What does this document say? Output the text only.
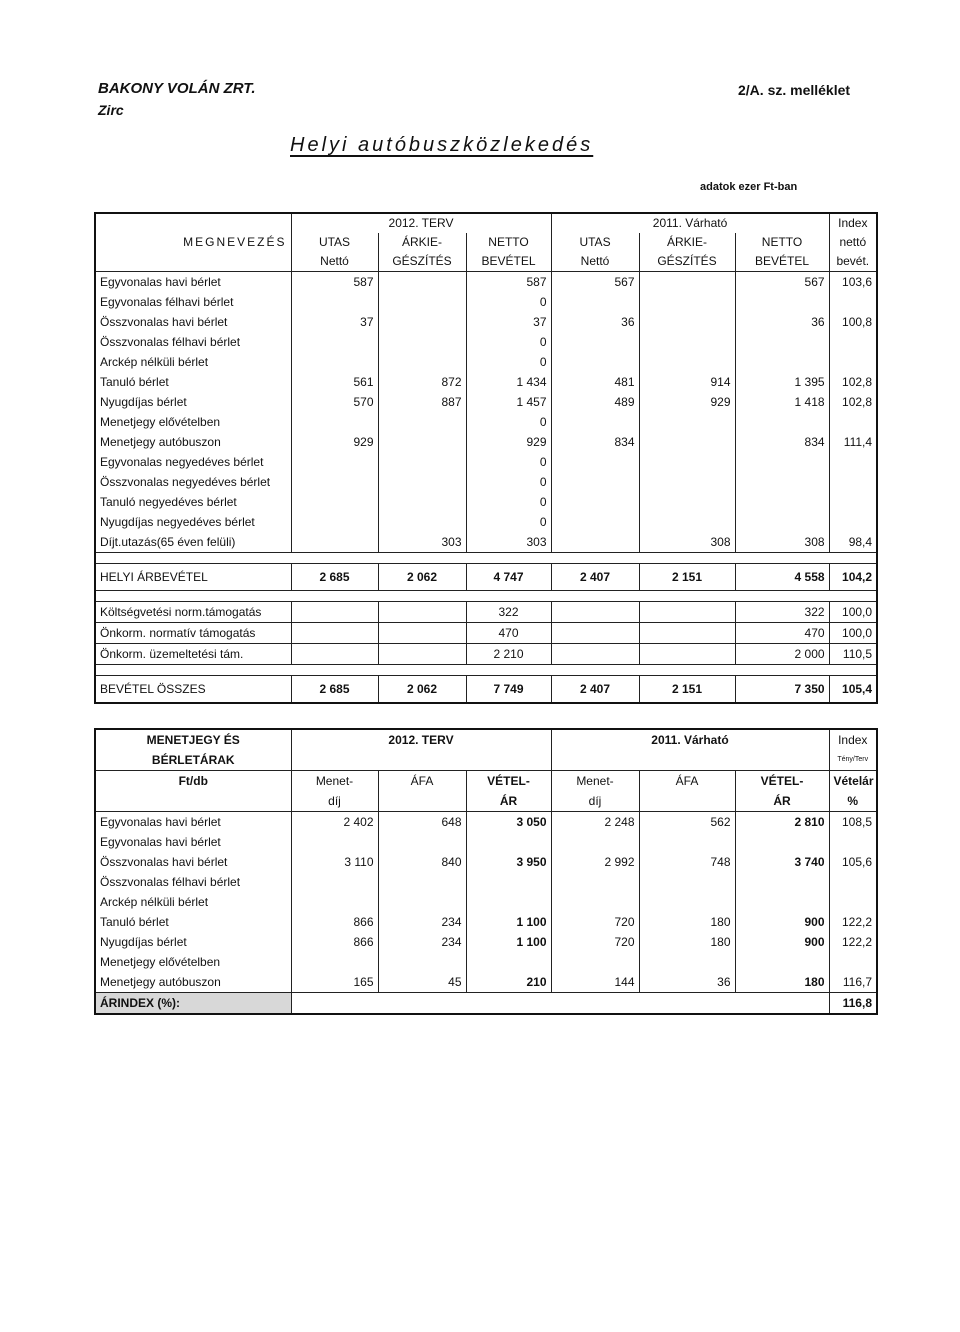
BAKONY VOLÁN ZRT.
Zirc
2/A. sz. melléklet
Helyi autóbuszközlekedés
adatok ezer Ft-ban
	2012. TERV			2011. Várható			Index
MEGNEVEZÉS	UTAS	ÁRKIE-	NETTO	UTAS	ÁRKIE-	NETTO	nettó
	Nettó	GÉSZÍTÉS	BEVÉTEL	Nettó	GÉSZÍTÉS	BEVÉTEL	bevét.
Egyvonalas havi bérlet	587		587	567		567	103,6
Egyvonalas félhavi bérlet			0				
Összvonalas havi bérlet	37		37	36		36	100,8
Összvonalas félhavi bérlet			0				
Arckép nélküli bérlet			0				
Tanuló bérlet	561	872	1 434	481	914	1 395	102,8
Nyugdíjas bérlet	570	887	1 457	489	929	1 418	102,8
Menetjegy elővételben			0				
Menetjegy autóbuszon	929		929	834		834	111,4
Egyvonalas negyedéves bérlet			0				
Összvonalas negyedéves bérlet			0				
Tanuló negyedéves bérlet			0				
Nyugdíjas negyedéves bérlet			0				
Díjt.utazás(65 éven felüli)		303	303		308	308	98,4

HELYI ÁRBEVÉTEL	2 685	2 062	4 747	2 407	2 151	4 558	104,2

Költségvetési norm.támogatás			322			322	100,0
Önkorm. normatív támogatás			470			470	100,0
Önkorm. üzemeltetési tám.			2 210			2 000	110,5

BEVÉTEL ÖSSZES	2 685	2 062	7 749	2 407	2 151	7 350	105,4
MENETJEGY ÉS	2012. TERV			2011. Várható			Index
BÉRLETÁRAK							Tény/Terv
Ft/db	Menet-	ÁFA	VÉTEL-	Menet-	ÁFA	VÉTEL-	Vételár
	díj		ÁR	díj		ÁR	%
Egyvonalas havi bérlet	2 402	648	3 050	2 248	562	2 810	108,5
Egyvonalas havi bérlet							
Összvonalas havi bérlet	3 110	840	3 950	2 992	748	3 740	105,6
Összvonalas félhavi bérlet							
Arckép nélküli bérlet							
Tanuló bérlet	866	234	1 100	720	180	900	122,2
Nyugdíjas bérlet	866	234	1 100	720	180	900	122,2
Menetjegy elővételben							
Menetjegy autóbuszon	165	45	210	144	36	180	116,7
ÁRINDEX (%):							116,8
